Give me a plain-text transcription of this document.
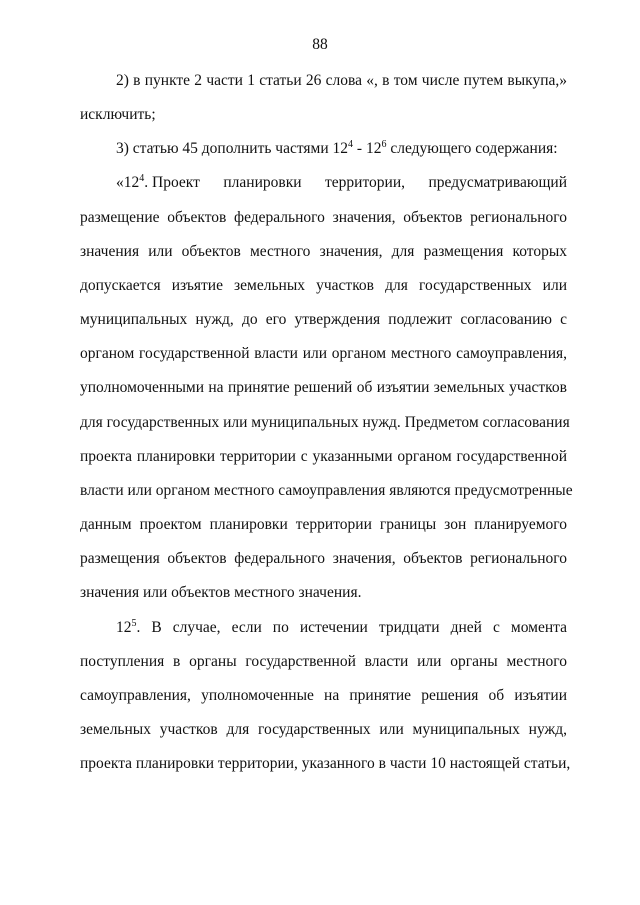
88

2) в пункте 2 части 1 статьи 26 слова «, в том числе путем выкупа,»
исключить;

3) статью 45 дополнить частями $12^4 - 12^6$ следующего содержания:

«$12^4$. Проект      планировки      территории,      предусматривающий
размещение объектов федерального значения, объектов регионального
значения или объектов местного значения, для размещения которых
допускается изъятие земельных участков для государственных или
муниципальных нужд, до его утверждения подлежит согласованию с
органом государственной власти или органом местного самоуправления,
уполномоченными на принятие решений об изъятии земельных участков
для государственных или муниципальных нужд. Предметом согласования
проекта планировки территории с указанными органом государственной
власти или органом местного самоуправления являются предусмотренные
данным проектом планировки территории границы зон планируемого
размещения объектов федерального значения, объектов регионального
значения или объектов местного значения.

$12^5$. В случае, если по истечении тридцати дней с момента
поступления в органы государственной власти или органы местного
самоуправления, уполномоченные на принятие решения об изъятии
земельных участков для государственных или муниципальных нужд,
проекта планировки территории, указанного в части 10 настоящей статьи,
